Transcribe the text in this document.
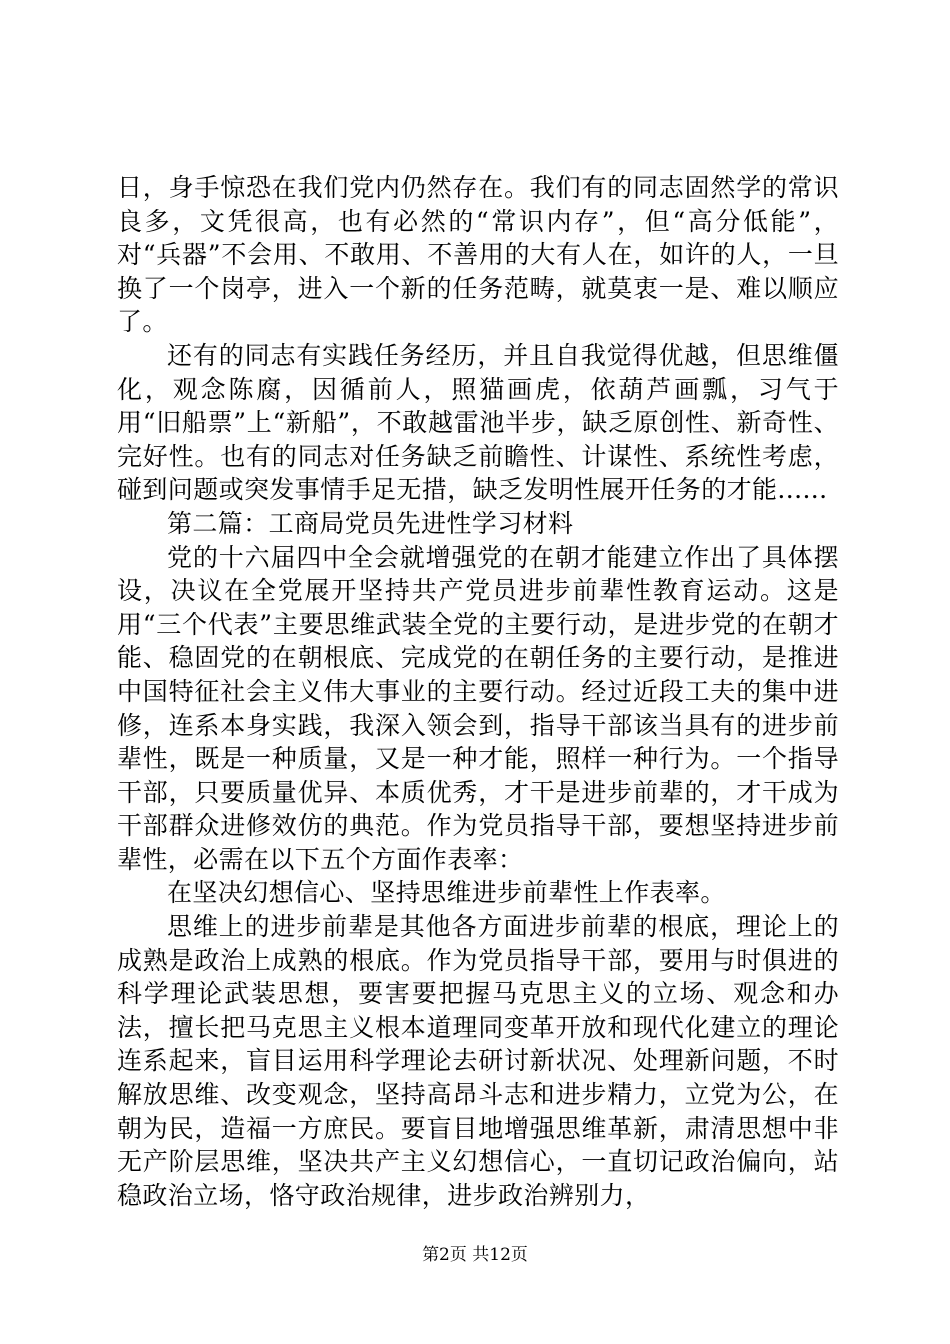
日，身手惊恐在我们党内仍然存在。我们有的同志固然学的常识良多，文凭很高，也有必然的“常识内存”，但“高分低能”，对“兵器”不会用、不敢用、不善用的大有人在，如许的人，一旦换了一个岗亭，进入一个新的任务范畴，就莫衷一是、难以顺应了。

还有的同志有实践任务经历，并且自我觉得优越，但思维僵化，观念陈腐，因循前人，照猫画虎，依葫芦画瓢，习气于用“旧船票”上“新船”，不敢越雷池半步，缺乏原创性、新奇性、完好性。也有的同志对任务缺乏前瞻性、计谋性、系统性考虑，碰到问题或突发事情手足无措，缺乏发明性展开任务的才能......

第二篇：工商局党员先进性学习材料

党的十六届四中全会就增强党的在朝才能建立作出了具体摆设，决议在全党展开坚持共产党员进步前辈性教育运动。这是用“三个代表”主要思维武装全党的主要行动，是进步党的在朝才能、稳固党的在朝根底、完成党的在朝任务的主要行动，是推进中国特征社会主义伟大事业的主要行动。经过近段工夫的集中进修，连系本身实践，我深入领会到，指导干部该当具有的进步前辈性，既是一种质量，又是一种才能，照样一种行为。一个指导干部，只要质量优异、本质优秀，才干是进步前辈的，才干成为干部群众进修效仿的典范。作为党员指导干部，要想坚持进步前辈性，必需在以下五个方面作表率：

在坚决幻想信心、坚持思维进步前辈性上作表率。

思维上的进步前辈是其他各方面进步前辈的根底，理论上的成熟是政治上成熟的根底。作为党员指导干部，要用与时俱进的科学理论武装思想，要害要把握马克思主义的立场、观念和办法，擅长把马克思主义根本道理同变革开放和现代化建立的理论连系起来，盲目运用科学理论去研讨新状况、处理新问题，不时解放思维、改变观念，坚持高昂斗志和进步精力，立党为公，在朝为民，造福一方庶民。要盲目地增强思维革新，肃清思想中非无产阶层思维，坚决共产主义幻想信心，一直切记政治偏向，站稳政治立场，恪守政治规律，进步政治辨别力，

第2页 共12页
